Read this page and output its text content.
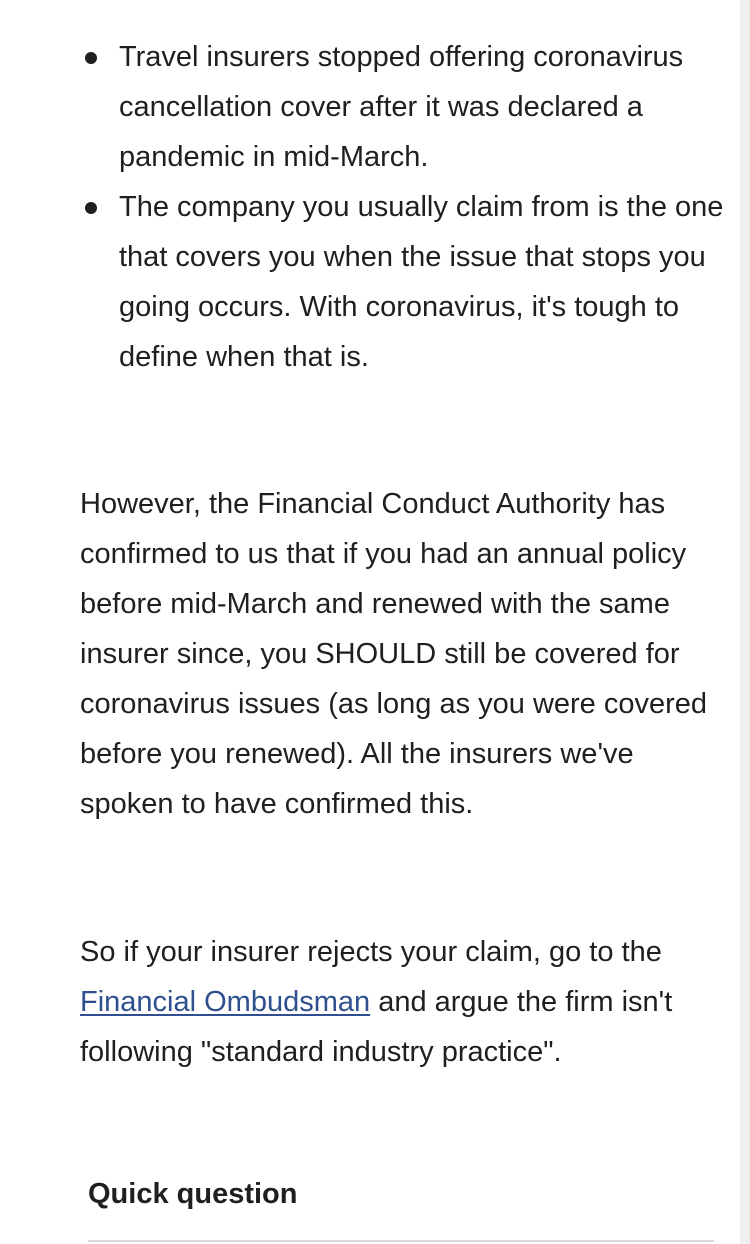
Travel insurers stopped offering coronavirus cancellation cover after it was declared a pandemic in mid-March.
The company you usually claim from is the one that covers you when the issue that stops you going occurs. With coronavirus, it's tough to define when that is.

However, the Financial Conduct Authority has confirmed to us that if you had an annual policy before mid-March and renewed with the same insurer since, you SHOULD still be covered for coronavirus issues (as long as you were covered before you renewed). All the insurers we've spoken to have confirmed this.

So if your insurer rejects your claim, go to the Financial Ombudsman and argue the firm isn't following "standard industry practice".

Quick question
